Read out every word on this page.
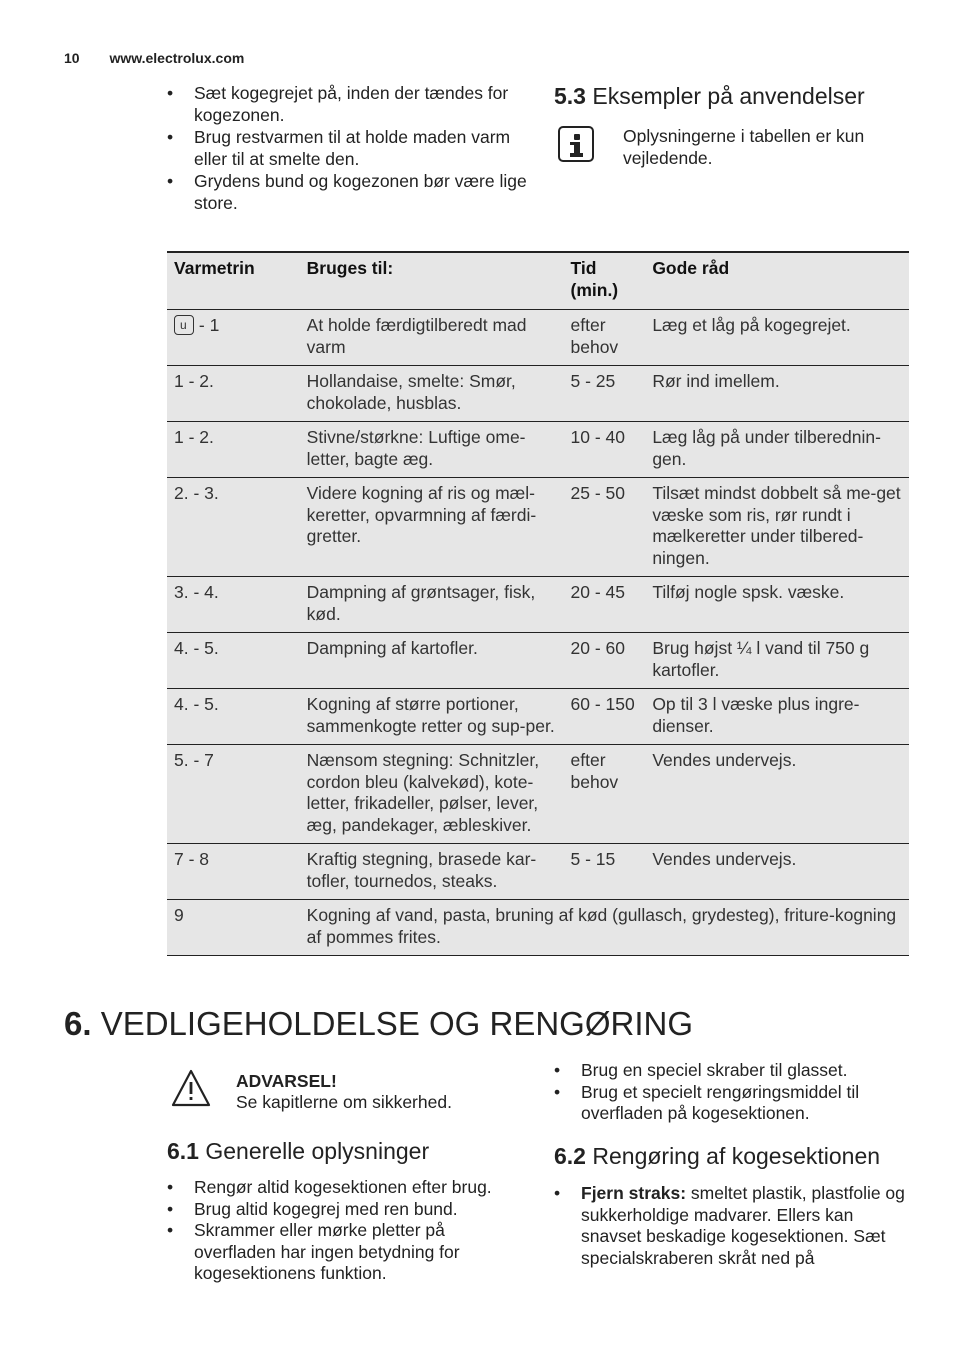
10 www.electrolux.com
• Sæt kogegrejet på, inden der tændes for kogezonen.
• Brug restvarmen til at holde maden varm eller til at smelte den.
• Grydens bund og kogezonen bør være lige store.
5.3 Eksempler på anvendelser
Oplysningerne i tabellen er kun vejledende.
Varmetrin	Bruges til:	Tid (min.)	Gode råd
u - 1	At holde færdigtilberedt mad varm	efter behov	Læg et låg på kogegrejet.
1 - 2.	Hollandaise, smelte: Smør, chokolade, husblas.	5 - 25	Rør ind imellem.
1 - 2.	Stivne/størkne: Luftige ome-letter, bagte æg.	10 - 40	Læg låg på under tilberednin-gen.
2. - 3.	Videre kogning af ris og mæl-keretter, opvarmning af færdi-gretter.	25 - 50	Tilsæt mindst dobbelt så me-get væske som ris, rør rundt i mælkeretter under tilbered-ningen.
3. - 4.	Dampning af grøntsager, fisk, kød.	20 - 45	Tilføj nogle spsk. væske.
4. - 5.	Dampning af kartofler.	20 - 60	Brug højst ¼ l vand til 750 g kartofler.
4. - 5.	Kogning af større portioner, sammenkogte retter og sup-per.	60 - 150	Op til 3 l væske plus ingre-dienser.
5. - 7	Nænsom stegning: Schnitzler, cordon bleu (kalvekød), kote-letter, frikadeller, pølser, lever, æg, pandekager, æbleskiver.	efter behov	Vendes undervejs.
7 - 8	Kraftig stegning, brasede kar-tofler, tournedos, steaks.	5 - 15	Vendes undervejs.
9	Kogning af vand, pasta, bruning af kød (gullasch, grydesteg), friture-kogning af pommes frites.		
6. VEDLIGEHOLDELSE OG RENGØRING
ADVARSEL!
Se kapitlerne om sikkerhed.
6.1 Generelle oplysninger
• Rengør altid kogesektionen efter brug.
• Brug altid kogegrej med ren bund.
• Skrammer eller mørke pletter på overfladen har ingen betydning for kogesektionens funktion.
• Brug en speciel skraber til glasset.
• Brug et specielt rengøringsmiddel til overfladen på kogesektionen.
6.2 Rengøring af kogesektionen
• Fjern straks: smeltet plastik, plastfolie og sukkerholdige madvarer. Ellers kan snavset beskadige kogesektionen. Sæt specialskraberen skråt ned på
